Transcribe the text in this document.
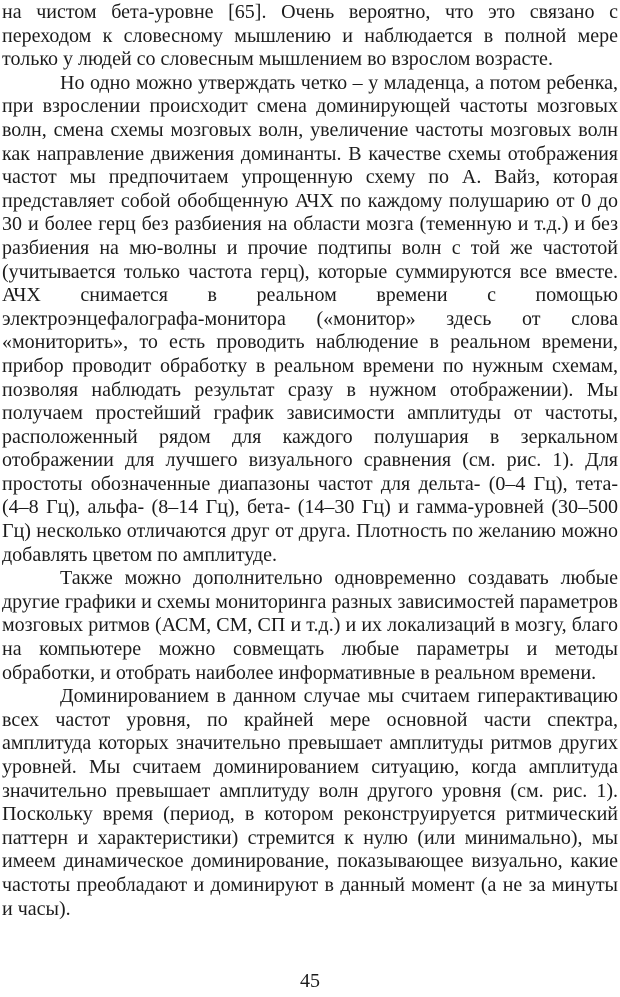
на чистом бета-уровне [65]. Очень вероятно, что это связано с переходом к словесному мышлению и наблюдается в полной мере только у людей со словесным мышлением во взрослом возрасте.

Но одно можно утверждать четко – у младенца, а потом ребенка, при взрослении происходит смена доминирующей частоты мозговых волн, смена схемы мозговых волн, увеличение частоты мозговых волн как направление движения доминанты. В качестве схемы отображения частот мы предпочитаем упрощенную схему по А. Вайз, которая представляет собой обобщенную АЧХ по каждому полушарию от 0 до 30 и более герц без разбиения на области мозга (теменную и т.д.) и без разбиения на мю-волны и прочие подтипы волн с той же частотой (учитывается только частота герц), которые суммируются все вместе. АЧХ снимается в реальном времени с помощью электроэнцефалографа-монитора («монитор» здесь от слова «мониторить», то есть проводить наблюдение в реальном времени, прибор проводит обработку в реальном времени по нужным схемам, позволяя наблюдать результат сразу в нужном отображении). Мы получаем простейший график зависимости амплитуды от частоты, расположенный рядом для каждого полушария в зеркальном отображении для лучшего визуального сравнения (см. рис. 1). Для простоты обозначенные диапазоны частот для дельта- (0–4 Гц), тета- (4–8 Гц), альфа- (8–14 Гц), бета- (14–30 Гц) и гамма-уровней (30–500 Гц) несколько отличаются друг от друга. Плотность по желанию можно добавлять цветом по амплитуде.

Также можно дополнительно одновременно создавать любые другие графики и схемы мониторинга разных зависимостей параметров мозговых ритмов (АСМ, СМ, СП и т.д.) и их локализаций в мозгу, благо на компьютере можно совмещать любые параметры и методы обработки, и отобрать наиболее информативные в реальном времени.

Доминированием в данном случае мы считаем гиперактивацию всех частот уровня, по крайней мере основной части спектра, амплитуда которых значительно превышает амплитуды ритмов других уровней. Мы считаем доминированием ситуацию, когда амплитуда значительно превышает амплитуду волн другого уровня (см. рис. 1). Поскольку время (период, в котором реконструируется ритмический паттерн и характеристики) стремится к нулю (или минимально), мы имеем динамическое доминирование, показывающее визуально, какие частоты преобладают и доминируют в данный момент (а не за минуты и часы).

45
